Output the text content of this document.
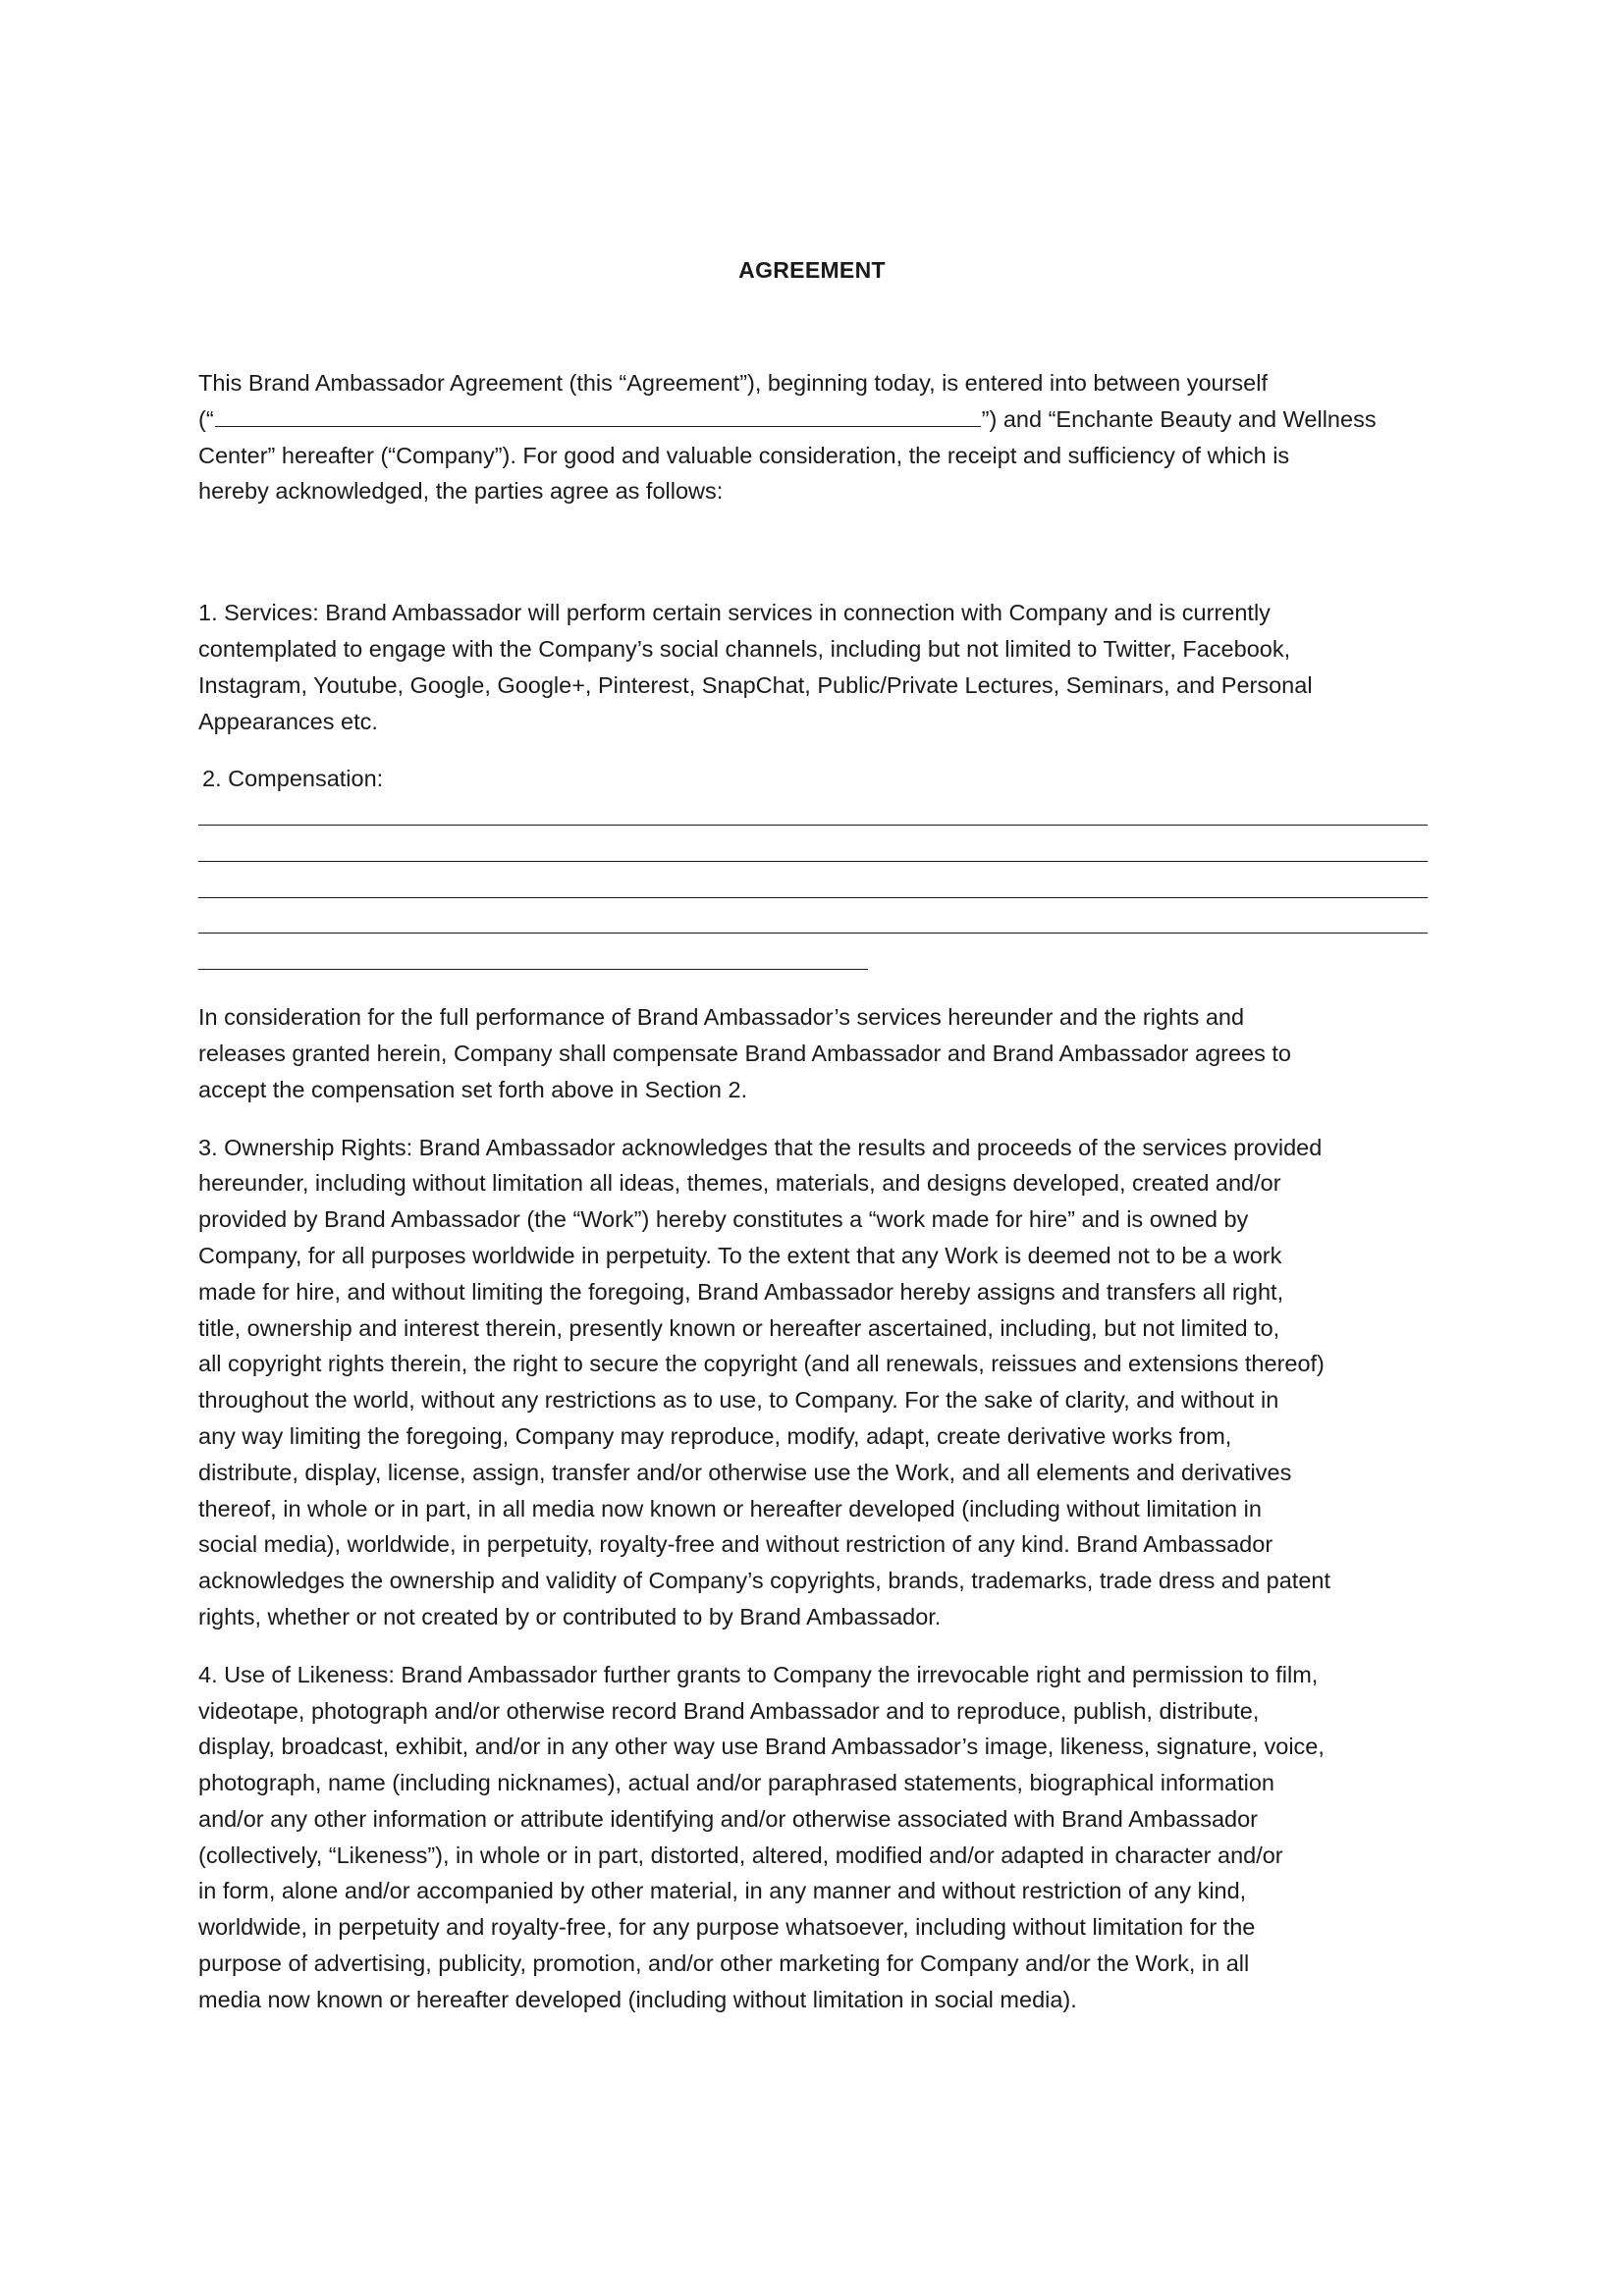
AGREEMENT

This Brand Ambassador Agreement (this “Agreement”), beginning today, is entered into between yourself
(“	”) and “Enchante Beauty and Wellness
Center” hereafter (“Company”). For good and valuable consideration, the receipt and sufficiency of which is
hereby acknowledged, the parties agree as follows:

1. Services: Brand Ambassador will perform certain services in connection with Company and is currently
contemplated to engage with the Company’s social channels, including but not limited to Twitter, Facebook,
Instagram, Youtube, Google, Google+, Pinterest, SnapChat, Public/Private Lectures, Seminars, and Personal
Appearances etc.

2. Compensation:

In consideration for the full performance of Brand Ambassador’s services hereunder and the rights and
releases granted herein, Company shall compensate Brand Ambassador and Brand Ambassador agrees to
accept the compensation set forth above in Section 2.

3. Ownership Rights: Brand Ambassador acknowledges that the results and proceeds of the services provided
hereunder, including without limitation all ideas, themes, materials, and designs developed, created and/or
provided by Brand Ambassador (the “Work”) hereby constitutes a “work made for hire” and is owned by
Company, for all purposes worldwide in perpetuity. To the extent that any Work is deemed not to be a work
made for hire, and without limiting the foregoing, Brand Ambassador hereby assigns and transfers all right,
title, ownership and interest therein, presently known or hereafter ascertained, including, but not limited to,
all copyright rights therein, the right to secure the copyright (and all renewals, reissues and extensions thereof)
throughout the world, without any restrictions as to use, to Company. For the sake of clarity, and without in
any way limiting the foregoing, Company may reproduce, modify, adapt, create derivative works from,
distribute, display, license, assign, transfer and/or otherwise use the Work, and all elements and derivatives
thereof, in whole or in part, in all media now known or hereafter developed (including without limitation in
social media), worldwide, in perpetuity, royalty-free and without restriction of any kind. Brand Ambassador
acknowledges the ownership and validity of Company’s copyrights, brands, trademarks, trade dress and patent
rights, whether or not created by or contributed to by Brand Ambassador.

4. Use of Likeness: Brand Ambassador further grants to Company the irrevocable right and permission to film,
videotape, photograph and/or otherwise record Brand Ambassador and to reproduce, publish, distribute,
display, broadcast, exhibit, and/or in any other way use Brand Ambassador’s image, likeness, signature, voice,
photograph, name (including nicknames), actual and/or paraphrased statements, biographical information
and/or any other information or attribute identifying and/or otherwise associated with Brand Ambassador
(collectively, “Likeness”), in whole or in part, distorted, altered, modified and/or adapted in character and/or
in form, alone and/or accompanied by other material, in any manner and without restriction of any kind,
worldwide, in perpetuity and royalty-free, for any purpose whatsoever, including without limitation for the
purpose of advertising, publicity, promotion, and/or other marketing for Company and/or the Work, in all
media now known or hereafter developed (including without limitation in social media).
